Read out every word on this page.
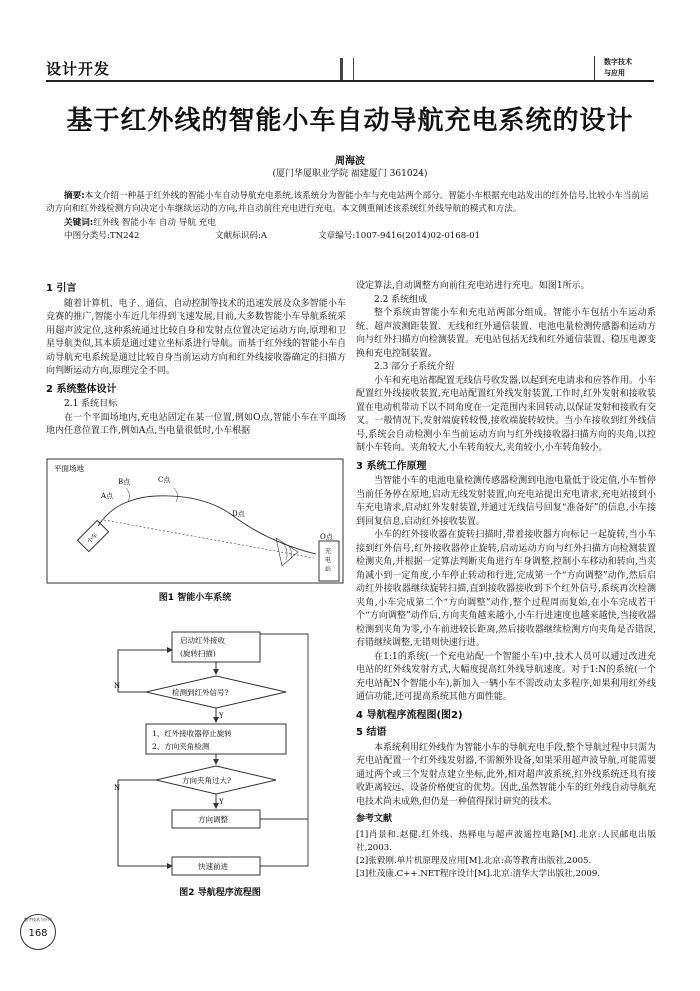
设计开发	数字技术
与应用
基于红外线的智能小车自动导航充电系统的设计
周海波
(厦门华厦职业学院 福建厦门 361024)
摘要:本文介绍一种基于红外线的智能小车自动导航充电系统,该系统分为智能小车与充电站两个部分。智能小车根据充电站发出的红外信号,比较小车当前运动方向和红外线检测方向决定小车继续运动的方向,并自动前往充电进行充电。本文侧重阐述该系统红外线导航的模式和方法。
关键词:红外线 智能小车 自动 导航 充电
中图分类号:TN242	文献标识码:A	文章编号:1007-9416(2014)02-0168-01
1 引言

随着计算机、电子、通信、自动控制等技术的迅速发展及众多智能小车竞赛的推广,智能小车近几年得到飞速发展,目前,大多数智能小车导航系统采用超声波定位,这种系统通过比较自身和发射点位置决定运动方向,原理和卫星导航类似,其本质是通过建立坐标系进行导航。而基于红外线的智能小车自动导航充电系统是通过比较自身当前运动方向和红外线接收器确定的扫描方向判断运动方向,原理完全不同。

2 系统整体设计
2.1 系统目标

在一个平面场地内,充电站固定在某一位置,例如O点,智能小车在平面场地内任意位置工作,例如A点,当电量很低时,小车根据

平面场地
O点
充
电
站
小车
A点
B点	C点
D点
图1 智能小车系统
启动红外接收
(旋转扫描)
检测到红外信号?
N
Y
1、红外接收器停止旋转
2、方向夹角检测
方向夹角过大?
N
Y
方向调整
快速前进
图2 导航程序流程图
设定算法,自动调整方向前往充电站进行充电。如图1所示。
2.2 系统组成

整个系统由智能小车和充电站两部分组成。智能小车包括小车运动系统、超声波测距装置、无线和红外通信装置、电池电量检测传感器和运动方向与红外扫描方向检测装置。充电站包括无线和红外通信装置、稳压电源变换和充电控制装置。

2.3 部分子系统介绍

小车和充电站都配置无线信号收发器,以起到充电请求和应答作用。小车配置红外线接收装置,充电站配置红外线发射装置,工作时,红外发射和接收装置在电动机带动下以不同角度在一定范围内来回转动,以保证发射和接收有交叉。一般情况下,发射端旋转较慢,接收端旋转较快。当小车接收到红外线信号,系统会自动检测小车当前运动方向与红外线接收器扫描方向的夹角,以控制小车转向。夹角较大,小车转角较大,夹角较小,小车转角较小。

3 系统工作原理

当智能小车的电池电量检测传感器检测到电池电量低于设定值,小车暂停当前任务停在原地,启动无线发射装置,向充电站提出充电请求,充电站接到小车充电请求,启动红外发射装置,并通过无线信号回复“准备好”的信息,小车接到回复信息,启动红外接收装置。

小车的红外接收器在旋转扫描时,带着接收器方向标记一起旋转,当小车接到红外信号,红外接收器停止旋转,启动运动方向与红外扫描方向检测装置检测夹角,并根据一定算法判断夹角进行车身调整,控制小车移动和转向,当夹角减小到一定角度,小车停止转动和行进,完成第一个“方向调整”动作,然后启动红外接收器继续旋转扫描,直到接收器接收到下个红外信号,系统再次检测夹角,小车完成第二个“方向调整”动作,整个过程周而复始,在小车完成若干个“方向调整”动作后,方向夹角越来越小,小车行进速度也越来越快,当接收器检测到夹角为零,小车前进较长距离,然后接收器继续检测方向夹角是否错误,有错继续调整,无错则快速行进。

在1:1的系统(一个充电站配一个智能小车)中,技术人员可以通过改进充电站的红外线发射方式,大幅度提高红外线导航速度。对于1:N的系统(一个充电站配N个智能小车),新加入一辆小车不需改动太多程序,如果利用红外线通信功能,还可提高系统其他方面性能。

4 导航程序流程图(图2)
5 结语

本系统利用红外线作为智能小车的导航充电手段,整个导航过程中只需为充电站配置一个红外线发射器,不需额外设备,如果采用超声波导航,可能需要通过两个或三个发射点建立坐标,此外,相对超声波系统,红外线系统还具有接收距离较远、设备价格便宜的优势。因此,虽然智能小车的红外线自动导航充电技术尚未成熟,但仍是一种值得探讨研究的技术。

参考文献
[1]肖景和.赵健.红外线、热释电与超声波遥控电路[M].北京:人民邮电出版社,2003.
[2]张毅刚.单片机原理及应用[M].北京:高等教育出版社,2005.
[3]杜茂康.C++.NET程序设计[M].北京:清华大学出版社,2009.
数字技术与应用
168
